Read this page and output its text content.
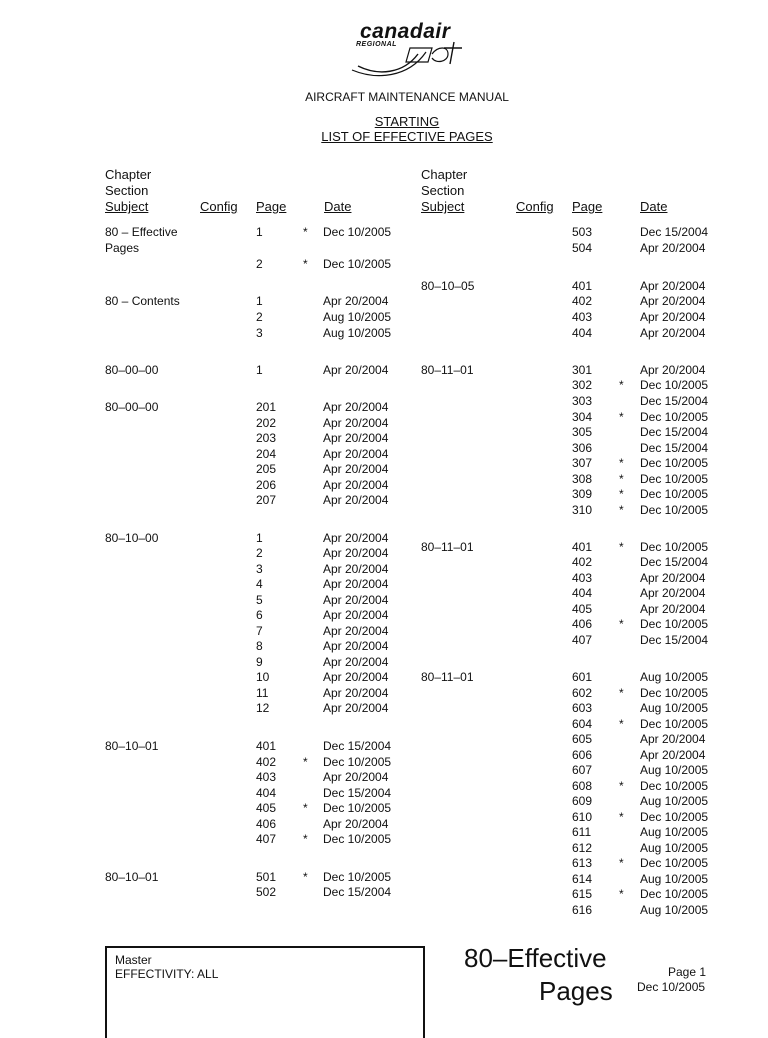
canadair
REGIONAL
AIRCRAFT MAINTENANCE MANUAL
STARTING
LIST OF EFFECTIVE PAGES
Chapter
Section
Subject	Config Page	Date
Chapter
Section
Subject	Config Page	Date
80 – Effective	1	* Dec 10/2005
Pages
2	* Dec 10/2005
80 – Contents	1	Apr 20/2004
2	Aug 10/2005
3	Aug 10/2005
80–00–00	1	Apr 20/2004
80–00–00	201	Apr 20/2004
202	Apr 20/2004
203	Apr 20/2004
204	Apr 20/2004
205	Apr 20/2004
206	Apr 20/2004
207	Apr 20/2004
80–10–00	1	Apr 20/2004
2	Apr 20/2004
3	Apr 20/2004
4	Apr 20/2004
5	Apr 20/2004
6	Apr 20/2004
7	Apr 20/2004
8	Apr 20/2004
9	Apr 20/2004
10	Apr 20/2004
11	Apr 20/2004
12	Apr 20/2004
80–10–01	401	Dec 15/2004
402 * Dec 10/2005
403	Apr 20/2004
404	Dec 15/2004
405 * Dec 10/2005
406	Apr 20/2004
407 * Dec 10/2005
80–10–01	501 * Dec 10/2005
502	Dec 15/2004
503	Dec 15/2004
504	Apr 20/2004
80–10–05	401	Apr 20/2004
402	Apr 20/2004
403	Apr 20/2004
404	Apr 20/2004
80–11–01	301	Apr 20/2004
302 * Dec 10/2005
303	Dec 15/2004
304 * Dec 10/2005
305	Dec 15/2004
306	Dec 15/2004
307 * Dec 10/2005
308 * Dec 10/2005
309 * Dec 10/2005
310 * Dec 10/2005
80–11–01	401 * Dec 10/2005
402	Dec 15/2004
403	Apr 20/2004
404	Apr 20/2004
405	Apr 20/2004
406 * Dec 10/2005
407	Dec 15/2004
80–11–01	601	Aug 10/2005
602 * Dec 10/2005
603	Aug 10/2005
604 * Dec 10/2005
605	Apr 20/2004
606	Apr 20/2004
607	Aug 10/2005
608 * Dec 10/2005
609	Aug 10/2005
610 * Dec 10/2005
611	Aug 10/2005
612	Aug 10/2005
613 * Dec 10/2005
614	Aug 10/2005
615 * Dec 10/2005
616	Aug 10/2005
Master
EFFECTIVITY: ALL
80–Effective
Pages
Page 1
Dec 10/2005
